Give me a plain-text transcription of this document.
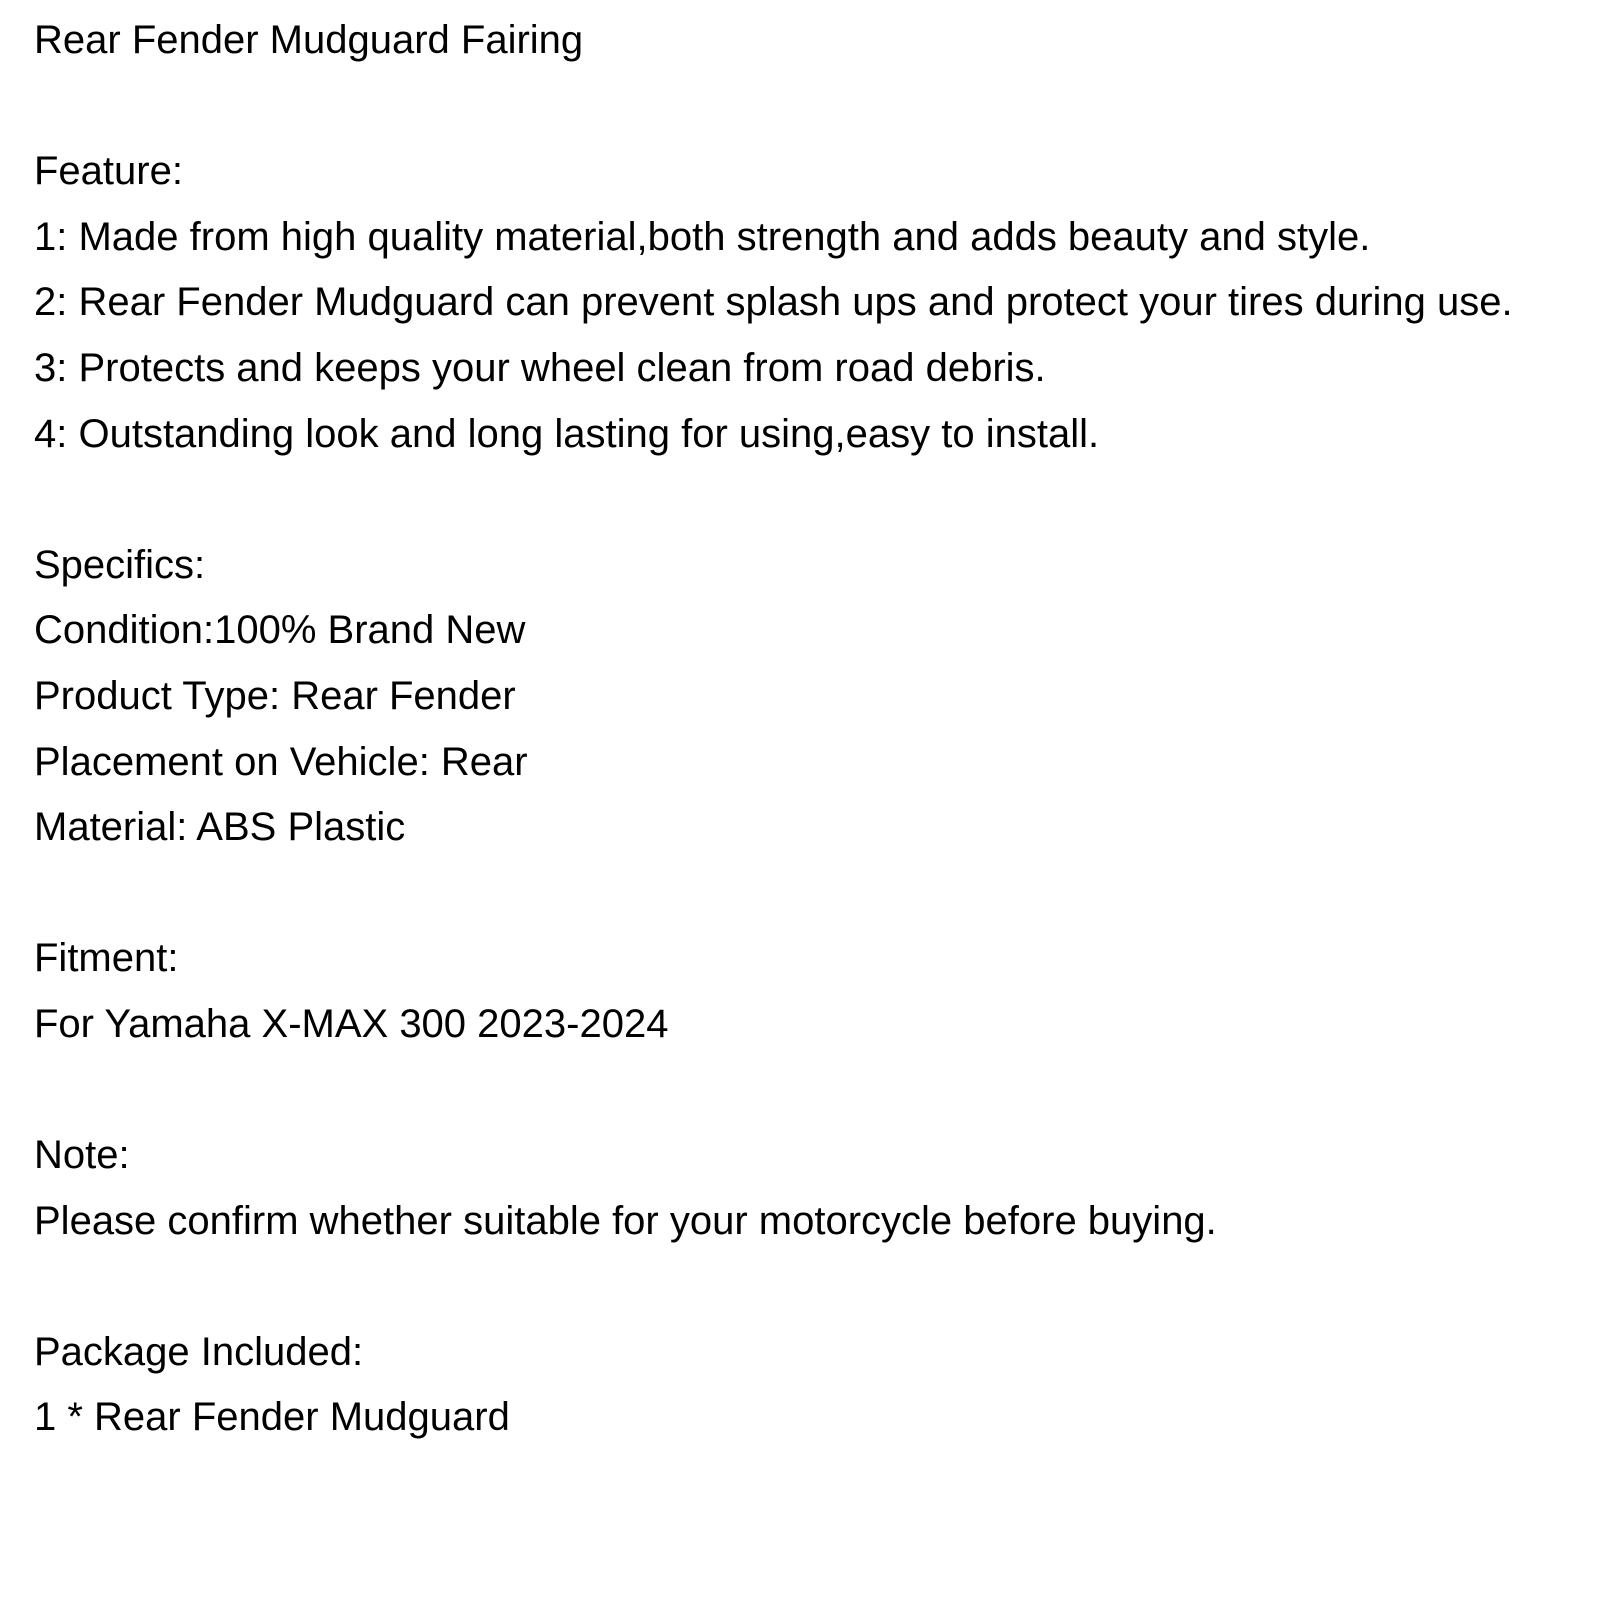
Rear Fender Mudguard Fairing
Feature:
1: Made from high quality material,both strength and adds beauty and style.
2: Rear Fender Mudguard can prevent splash ups and protect your tires during use.
3: Protects and keeps your wheel clean from road debris.
4: Outstanding look and long lasting for using,easy to install.
Specifics:
Condition:100% Brand New
Product Type: Rear Fender
Placement on Vehicle: Rear
Material: ABS Plastic
Fitment:
For Yamaha X-MAX 300 2023-2024
Note:
Please confirm whether suitable for your motorcycle before buying.
Package Included:
1 * Rear Fender Mudguard
